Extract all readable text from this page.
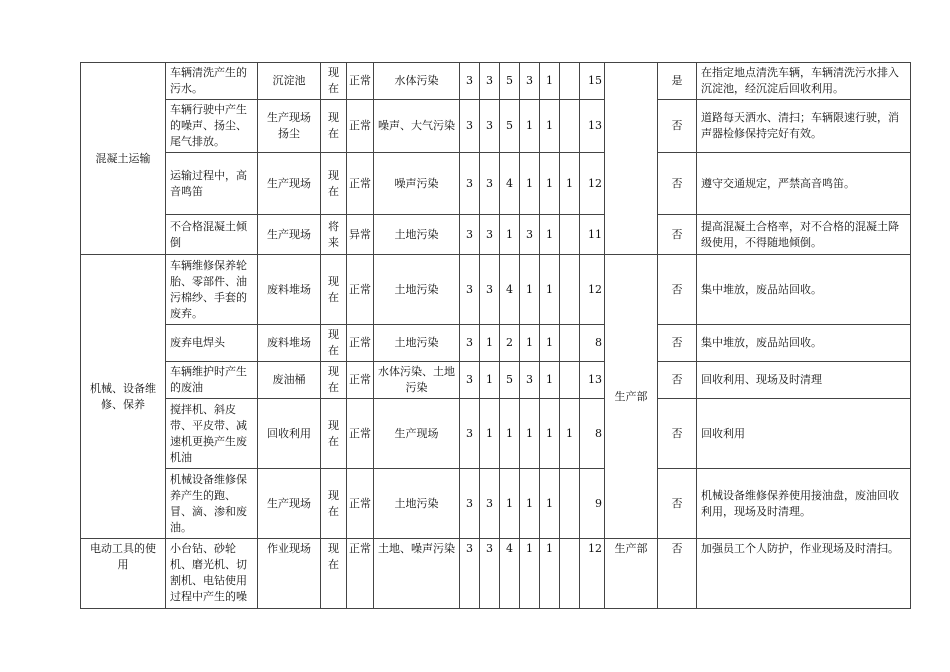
混凝土运输	车辆清洗产生的污水。	沉淀池	现在	正常	水体污染	3	3	5	3	1		15		是	在指定地点清洗车辆，车辆清洗污水排入沉淀池，经沉淀后回收利用。
	车辆行驶中产生的噪声、扬尘、尾气排放。	生产现场扬尘	现在	正常	噪声、大气污染	3	3	5	1	1		13		否	道路每天洒水、清扫；车辆限速行驶，消声器检修保持完好有效。
	运输过程中，高音鸣笛	生产现场	现在	正常	噪声污染	3	3	4	1	1	1	12		否	遵守交通规定，严禁高音鸣笛。
	不合格混凝土倾倒	生产现场	将来	异常	土地污染	3	3	1	3	1		11		否	提高混凝土合格率，对不合格的混凝土降级使用，不得随地倾倒。
机械、设备维修、保养	车辆维修保养轮胎、零部件、油污棉纱、手套的废弃。	废料堆场	现在	正常	土地污染	3	3	4	1	1		12	生产部	否	集中堆放，废品站回收。
	废弃电焊头	废料堆场	现在	正常	土地污染	3	1	2	1	1		8		否	集中堆放，废品站回收。
	车辆维护时产生的废油	废油桶	现在	正常	水体污染、土地污染	3	1	5	3	1		13		否	回收利用、现场及时清理
	搅拌机、斜皮带、平皮带、减速机更换产生废机油	回收利用	现在	正常	生产现场	3	1	1	1	1	1	8		否	回收利用
	机械设备维修保养产生的跑、冒、滴、渗和废油。	生产现场	现在	正常	土地污染	3	3	1	1	1		9		否	机械设备维修保养使用接油盘，废油回收利用，现场及时清理。
电动工具的使用	小台钻、砂轮机、磨光机、切割机、电钻使用过程中产生的噪	作业现场	现在	正常	土地、噪声污染	3	3	4	1	1		12	生产部	否	加强员工个人防护，作业现场及时清扫。
